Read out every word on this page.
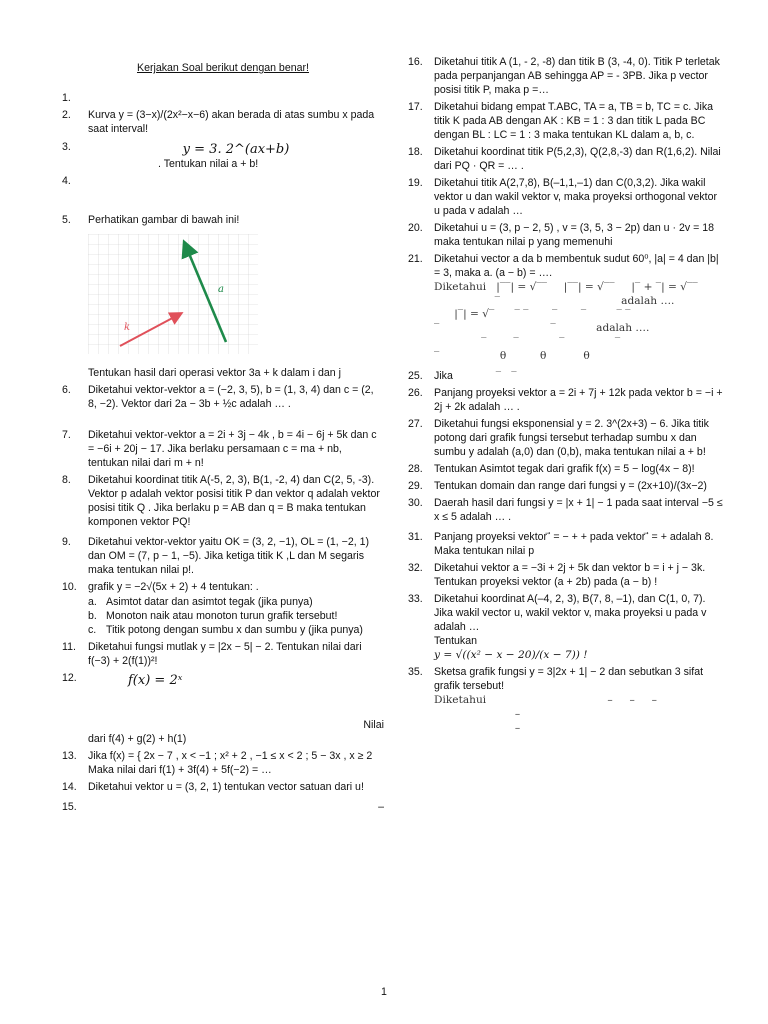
Kerjakan Soal berikut dengan benar!
1.
2.	Kurva y = (3−x)/(2x²−x−6) akan berada di atas sumbu x pada saat interval!
3.	y = 3. 2^(ax+b)
. Tentukan nilai a + b!
4.
5.	Perhatikan gambar di bawah ini!
a
k
Tentukan hasil dari operasi vektor 3a + k dalam i dan j
6.	Diketahui vektor-vektor a = (−2, 3, 5), b = (1, 3, 4) dan c = (2, 8, −2). Vektor dari 2a − 3b + ½c adalah … .
7.	Diketahui vektor-vektor a = 2i + 3j − 4k , b = 4i − 6j + 5k dan c = −6i + 20j − 17. Jika berlaku persamaan c = ma + nb, tentukan nilai dari m + n!
8.	Diketahui koordinat titik A(-5, 2, 3), B(1, -2, 4) dan C(2, 5, -3). Vektor p adalah vektor posisi titik P dan vektor q adalah vektor posisi titik Q . Jika berlaku p = AB dan q = B maka tentukan komponen vektor PQ!
9.	Diketahui vektor-vektor yaitu OK = (3, 2, −1), OL = (1, −2, 1) dan OM = (7, p − 1, −5). Jika ketiga titik K ,L dan M segaris maka tentukan nilai p!.
10.	grafik y = −2√(5x + 2) + 4 tentukan: .
a. Asimtot datar dan asimtot tegak (jika punya)
b. Monoton naik atau monoton turun grafik tersebut!
c. Titik potong dengan sumbu x dan sumbu y (jika punya)
11.	Diketahui fungsi mutlak y = |2x − 5| − 2. Tentukan nilai dari f(−3) + 2(f(1))²!
12.	f(x) = 2ˣ
Nilai
dari f(4) + g(2) + h(1)
13.	Jika f(x) = { 2x − 7 , x < −1 ; x² + 2 , −1 ≤ x < 2 ; 5 − 3x , x ≥ 2
Maka nilai dari f(1) + 3f(4) + 5f(−2) = …
14.	Diketahui vektor u = (3, 2, 1) tentukan vector satuan dari u!
15.	–
16.	Diketahui titik A (1, - 2, -8) dan titik B (3, -4, 0). Titik P terletak pada perpanjangan AB sehingga AP = - 3PB. Jika p vector posisi titik P, maka p =…
17.	Diketahui bidang empat T.ABC, TA = a, TB = b, TC = c. Jika titik K pada AB dengan AK : KB = 1 : 3 dan titik L pada BC dengan BL : LC = 1 : 3 maka tentukan KL dalam a, b, c.
18.	Diketahui koordinat titik P(5,2,3), Q(2,8,-3) dan R(1,6,2). Nilai dari PQ · QR = … .
19.	Diketahui titik A(2,7,8), B(–1,1,–1) dan C(0,3,2). Jika wakil vektor u dan wakil vektor v, maka proyeksi orthogonal vektor u pada v adalah …
20.	Diketahui u = (3, p − 2, 5) , v = (3, 5, 3 − 2p) dan u · 2v = 18 maka tentukan nilai p yang memenuhi
21.	Diketahui vector a da b membentuk sudut 60⁰, |a| = 4 dan |b| = 3, maka a. (a − b) = ….
Diketahui   |‾‾| = √‾‾     |‾‾| = √‾‾     |‾ + ‾| = √‾‾
‾                                    adalah ….
|‾| = √‾      ‾ ‾       ‾       ‾         ‾ ‾
‾                                 ‾            adalah ….
‾        ‾            ‾               ‾
‾                  θ          θ           θ
25.	Jika	‾   ‾
26.	Panjang proyeksi vektor a = 2i + 7j + 12k pada vektor b = −i + 2j + 2k adalah … .
27.	Diketahui fungsi eksponensial y = 2. 3^(2x+3) − 6. Jika titik potong dari grafik fungsi tersebut terhadap sumbu x dan sumbu y adalah (a,0) dan (0,b), maka tentukan nilai a + b!
28.	Tentukan Asimtot tegak dari grafik f(x) = 5 − log(4x − 8)!
29.	Tentukan domain dan range dari fungsi y = (2x+10)/(3x−2)
30.	Daerah hasil dari fungsi y = |x + 1| − 1 pada saat interval −5 ≤ x ≤ 5 adalah … .
31.	Panjang proyeksi vektor ⃗ = − + + pada vektor ⃗ = + adalah 8. Maka tentukan nilai p
32.	Diketahui vektor a = −3i + 2j + 5k dan vektor b = i + j − 3k. Tentukan proyeksi vektor (a + 2b) pada (a − b) !
33.	Diketahui koordinat A(–4, 2, 3), B(7, 8, –1), dan C(1, 0, 7). Jika wakil vector u, wakil vektor v, maka proyeksi u pada v adalah …
Tentukan
y = √((x² − x − 20)/(x − 7)) !
35.	Sketsa grafik fungsi y = 3|2x + 1| − 2 dan sebutkan 3 sifat grafik tersebut!
Diketahui                                    –     –     –
–
–
1
